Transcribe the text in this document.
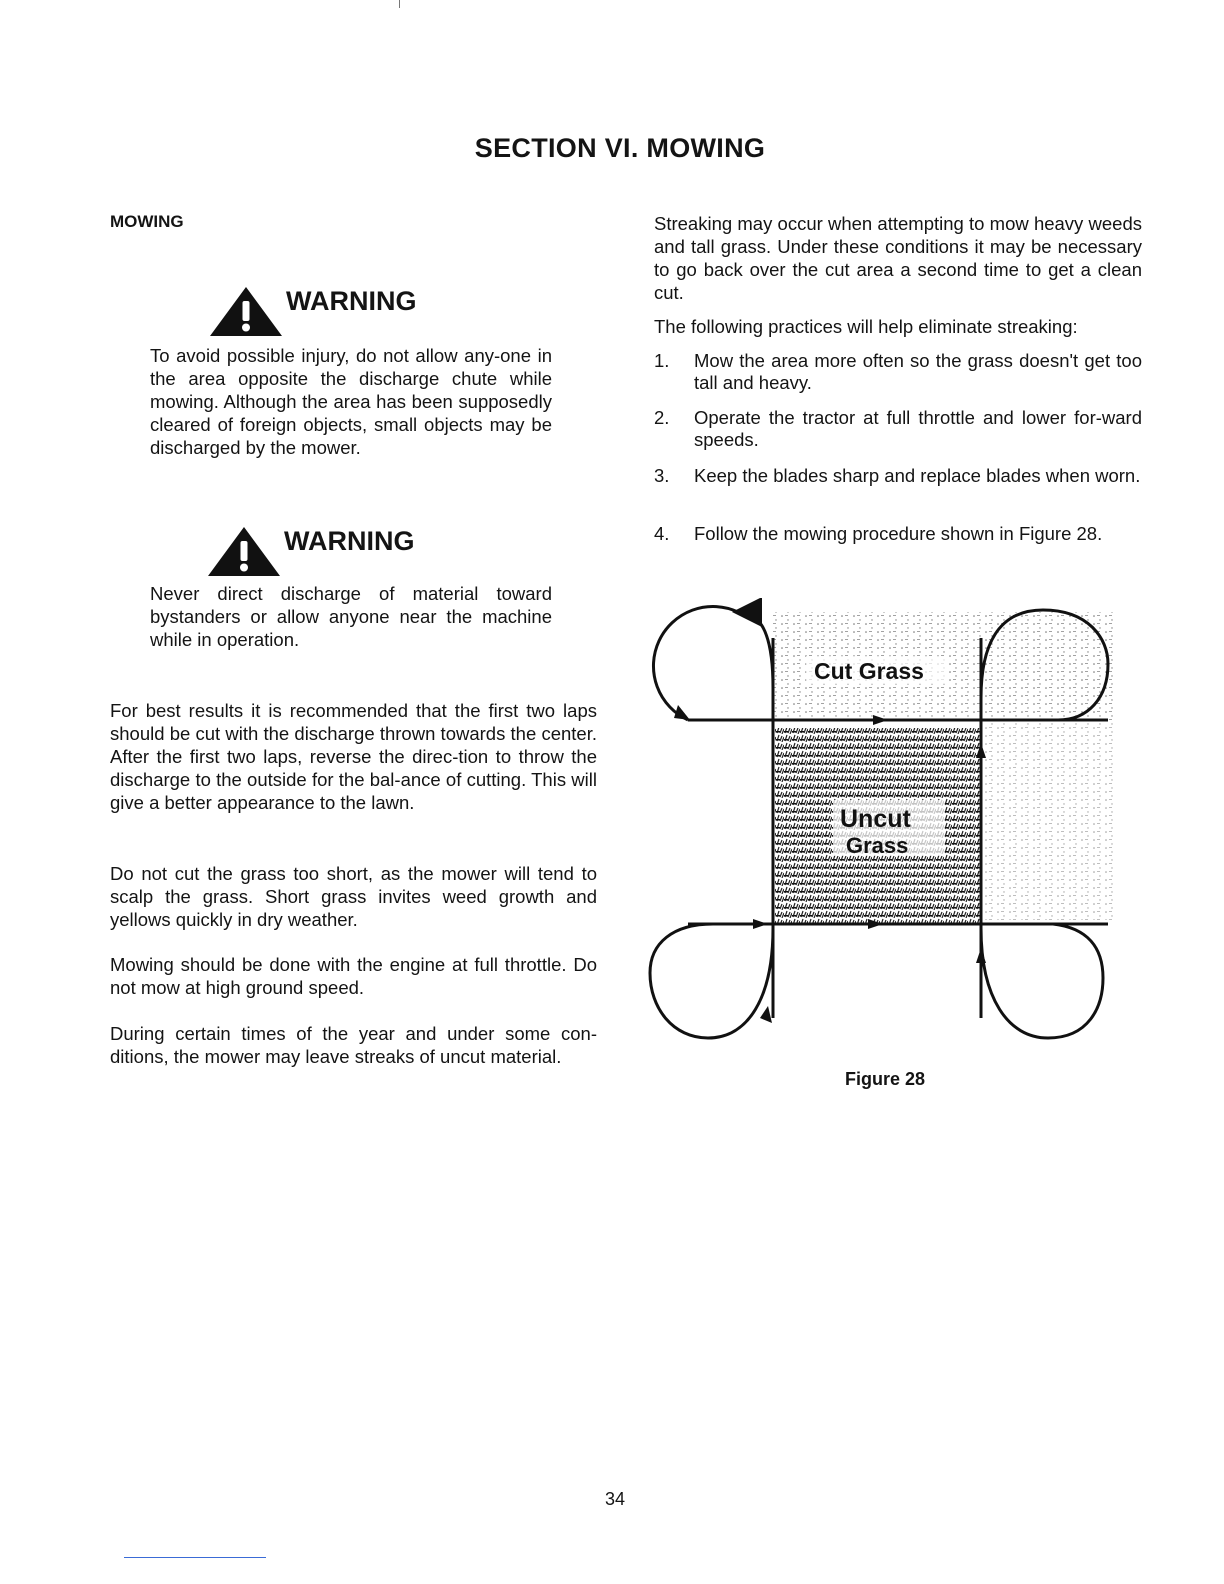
SECTION VI. MOWING
MOWING
WARNING

To avoid possible injury, do not allow any-one in the area opposite the discharge chute while mowing. Although the area has been supposedly cleared of foreign objects, small objects may be discharged by the mower.

WARNING

Never direct discharge of material toward bystanders or allow anyone near the machine while in operation.

For best results it is recommended that the first two laps should be cut with the discharge thrown towards the center. After the first two laps, reverse the direc-tion to throw the discharge to the outside for the bal-ance of cutting. This will give a better appearance to the lawn.

Do not cut the grass too short, as the mower will tend to scalp the grass. Short grass invites weed growth and yellows quickly in dry weather.

Mowing should be done with the engine at full throttle. Do not mow at high ground speed.

During certain times of the year and under some con-ditions, the mower may leave streaks of uncut material.

Streaking may occur when attempting to mow heavy weeds and tall grass. Under these conditions it may be necessary to go back over the cut area a second time to get a clean cut.

The following practices will help eliminate streaking:

1. Mow the area more often so the grass doesn't get too tall and heavy.
2. Operate the tractor at full throttle and lower for-ward speeds.
3. Keep the blades sharp and replace blades when worn.
4. Follow the mowing procedure shown in Figure 28.
Cut Grass
Uncut
Grass
Figure 28
34
